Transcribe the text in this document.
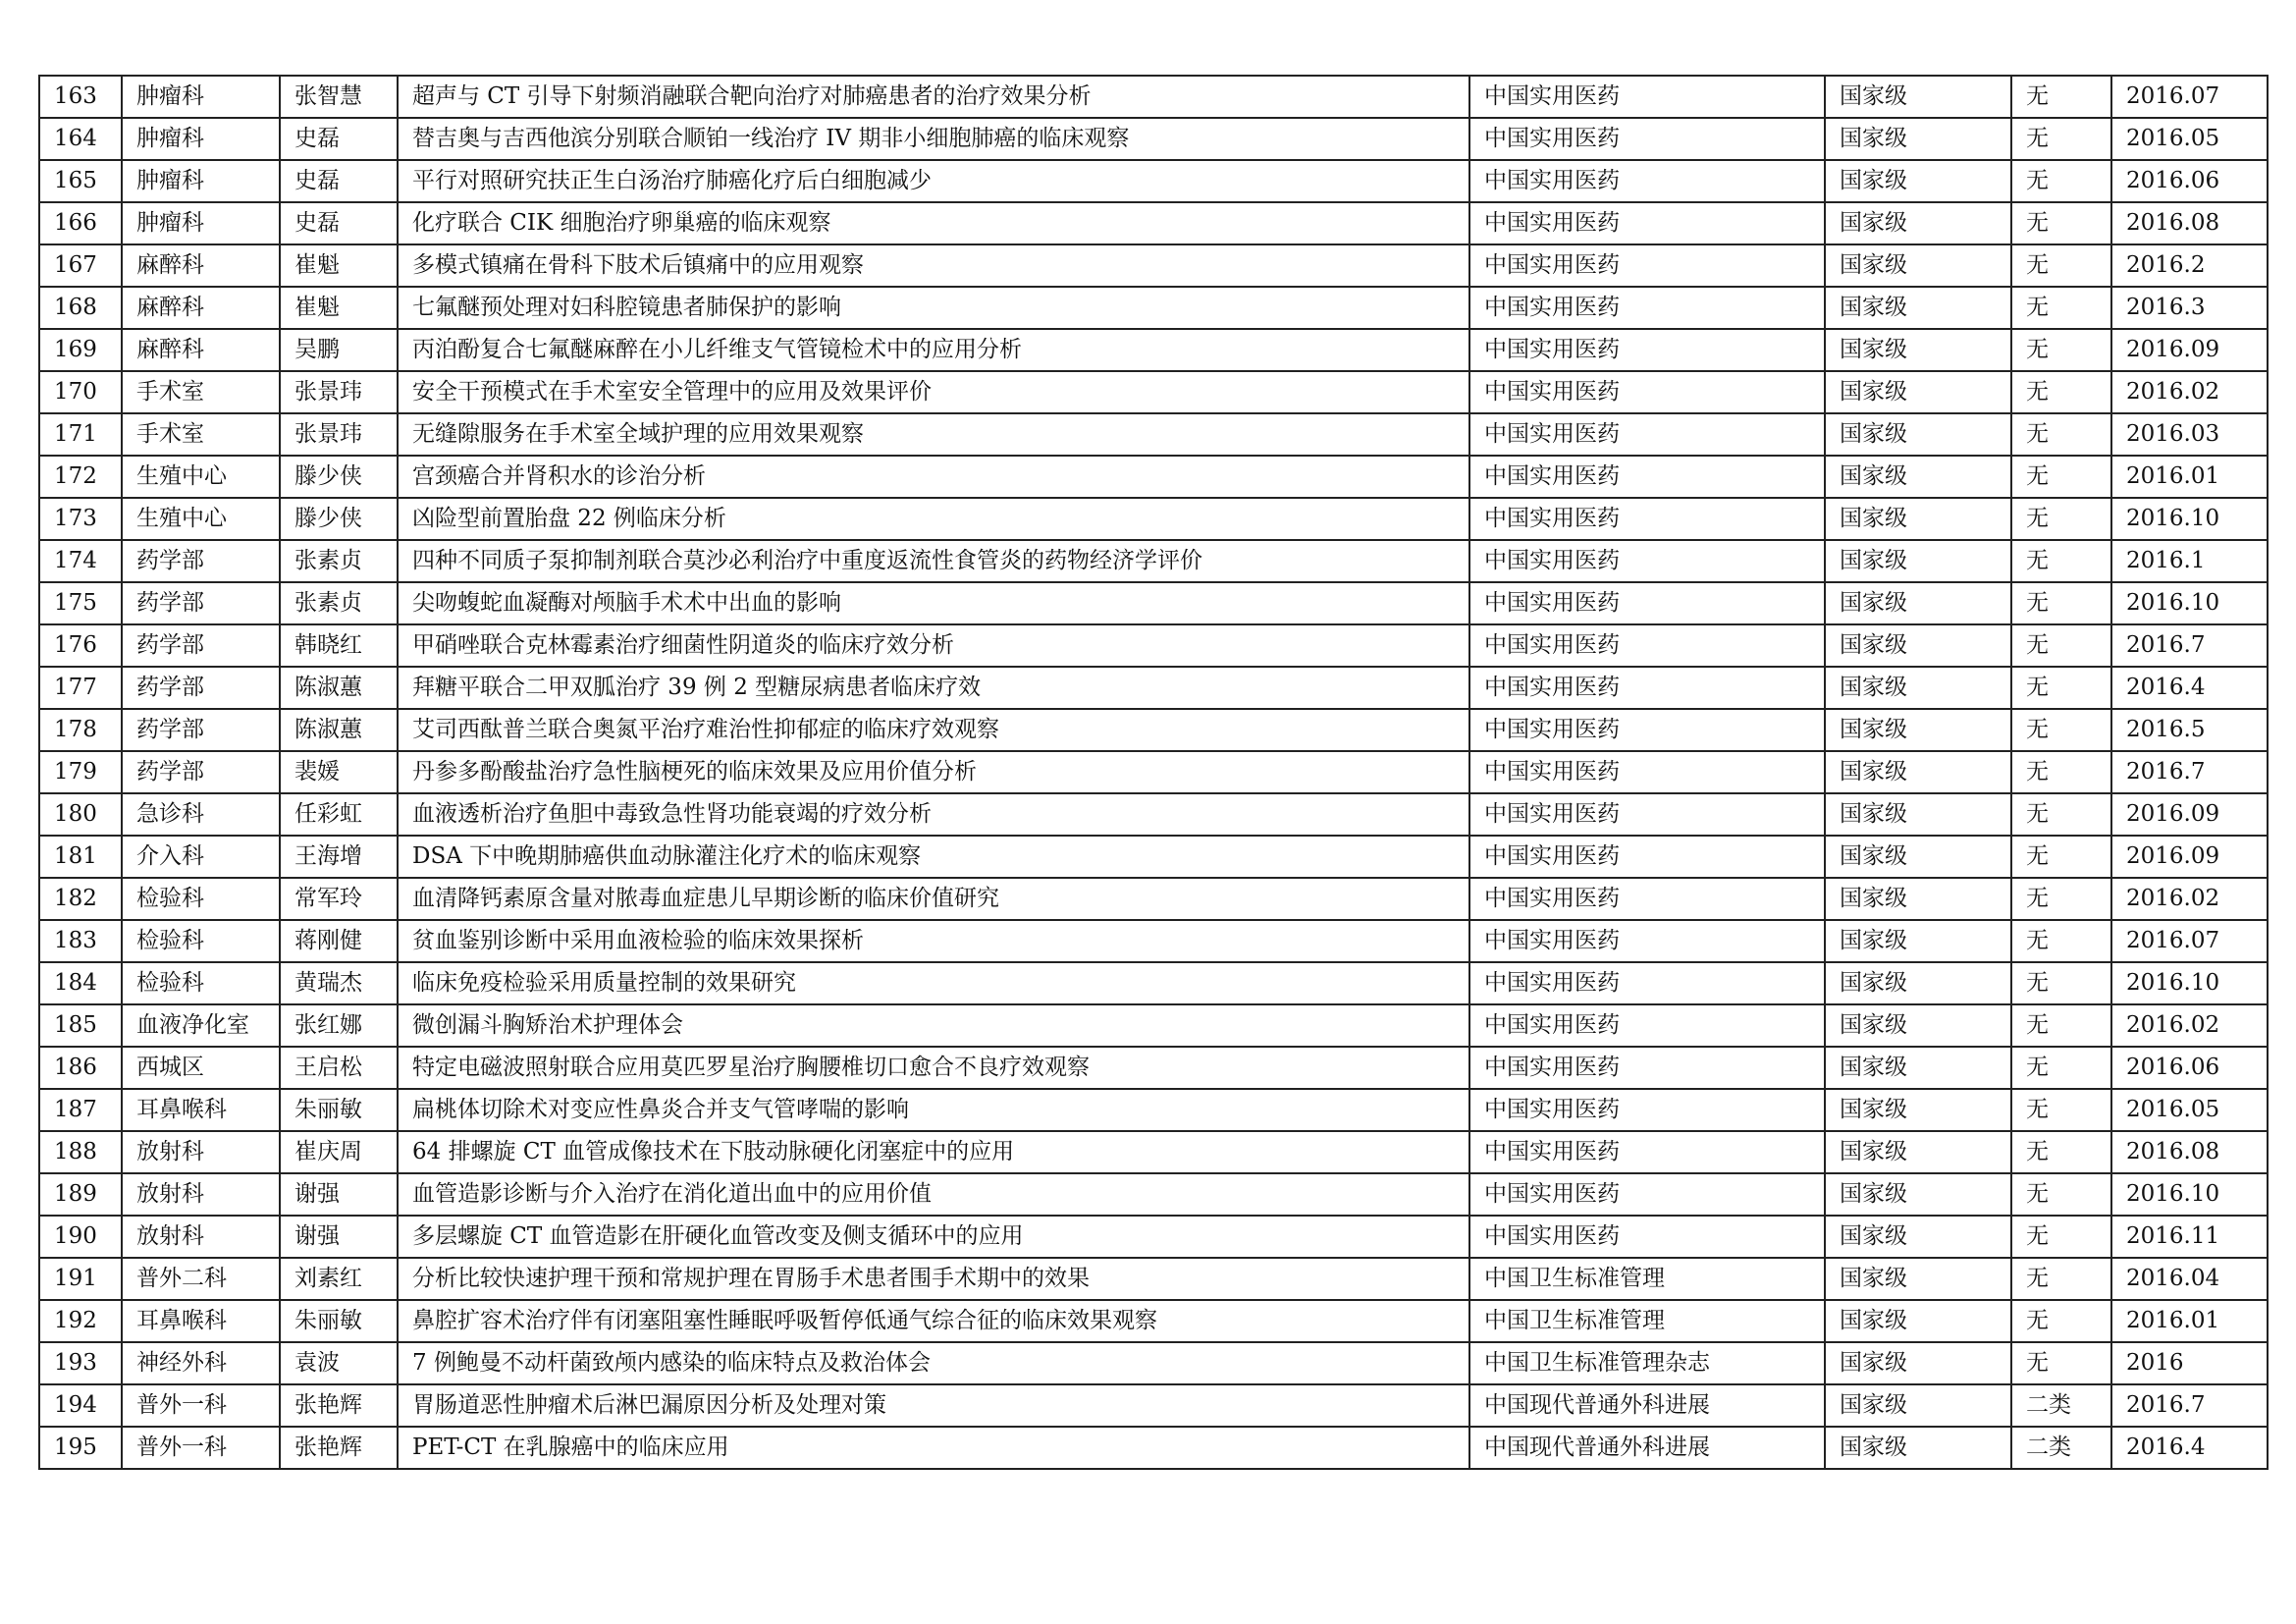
163	肿瘤科	张智慧	超声与 CT 引导下射频消融联合靶向治疗对肺癌患者的治疗效果分析	中国实用医药	国家级	无	2016.07
164	肿瘤科	史磊	替吉奥与吉西他滨分别联合顺铂一线治疗 IV 期非小细胞肺癌的临床观察	中国实用医药	国家级	无	2016.05
165	肿瘤科	史磊	平行对照研究扶正生白汤治疗肺癌化疗后白细胞减少	中国实用医药	国家级	无	2016.06
166	肿瘤科	史磊	化疗联合 CIK 细胞治疗卵巢癌的临床观察	中国实用医药	国家级	无	2016.08
167	麻醉科	崔魁	多模式镇痛在骨科下肢术后镇痛中的应用观察	中国实用医药	国家级	无	2016.2
168	麻醉科	崔魁	七氟醚预处理对妇科腔镜患者肺保护的影响	中国实用医药	国家级	无	2016.3
169	麻醉科	吴鹏	丙泊酚复合七氟醚麻醉在小儿纤维支气管镜检术中的应用分析	中国实用医药	国家级	无	2016.09
170	手术室	张景玮	安全干预模式在手术室安全管理中的应用及效果评价	中国实用医药	国家级	无	2016.02
171	手术室	张景玮	无缝隙服务在手术室全域护理的应用效果观察	中国实用医药	国家级	无	2016.03
172	生殖中心	滕少侠	宫颈癌合并肾积水的诊治分析	中国实用医药	国家级	无	2016.01
173	生殖中心	滕少侠	凶险型前置胎盘 22 例临床分析	中国实用医药	国家级	无	2016.10
174	药学部	张素贞	四种不同质子泵抑制剂联合莫沙必利治疗中重度返流性食管炎的药物经济学评价	中国实用医药	国家级	无	2016.1
175	药学部	张素贞	尖吻蝮蛇血凝酶对颅脑手术术中出血的影响	中国实用医药	国家级	无	2016.10
176	药学部	韩晓红	甲硝唑联合克林霉素治疗细菌性阴道炎的临床疗效分析	中国实用医药	国家级	无	2016.7
177	药学部	陈淑蕙	拜糖平联合二甲双胍治疗 39 例 2 型糖尿病患者临床疗效	中国实用医药	国家级	无	2016.4
178	药学部	陈淑蕙	艾司西酞普兰联合奥氮平治疗难治性抑郁症的临床疗效观察	中国实用医药	国家级	无	2016.5
179	药学部	裴媛	丹参多酚酸盐治疗急性脑梗死的临床效果及应用价值分析	中国实用医药	国家级	无	2016.7
180	急诊科	任彩虹	血液透析治疗鱼胆中毒致急性肾功能衰竭的疗效分析	中国实用医药	国家级	无	2016.09
181	介入科	王海增	DSA 下中晚期肺癌供血动脉灌注化疗术的临床观察	中国实用医药	国家级	无	2016.09
182	检验科	常军玲	血清降钙素原含量对脓毒血症患儿早期诊断的临床价值研究	中国实用医药	国家级	无	2016.02
183	检验科	蒋刚健	贫血鉴别诊断中采用血液检验的临床效果探析	中国实用医药	国家级	无	2016.07
184	检验科	黄瑞杰	临床免疫检验采用质量控制的效果研究	中国实用医药	国家级	无	2016.10
185	血液净化室	张红娜	微创漏斗胸矫治术护理体会	中国实用医药	国家级	无	2016.02
186	西城区	王启松	特定电磁波照射联合应用莫匹罗星治疗胸腰椎切口愈合不良疗效观察	中国实用医药	国家级	无	2016.06
187	耳鼻喉科	朱丽敏	扁桃体切除术对变应性鼻炎合并支气管哮喘的影响	中国实用医药	国家级	无	2016.05
188	放射科	崔庆周	64 排螺旋 CT 血管成像技术在下肢动脉硬化闭塞症中的应用	中国实用医药	国家级	无	2016.08
189	放射科	谢强	血管造影诊断与介入治疗在消化道出血中的应用价值	中国实用医药	国家级	无	2016.10
190	放射科	谢强	多层螺旋 CT 血管造影在肝硬化血管改变及侧支循环中的应用	中国实用医药	国家级	无	2016.11
191	普外二科	刘素红	分析比较快速护理干预和常规护理在胃肠手术患者围手术期中的效果	中国卫生标准管理	国家级	无	2016.04
192	耳鼻喉科	朱丽敏	鼻腔扩容术治疗伴有闭塞阻塞性睡眠呼吸暂停低通气综合征的临床效果观察	中国卫生标准管理	国家级	无	2016.01
193	神经外科	袁波	7 例鲍曼不动杆菌致颅内感染的临床特点及救治体会	中国卫生标准管理杂志	国家级	无	2016
194	普外一科	张艳辉	胃肠道恶性肿瘤术后淋巴漏原因分析及处理对策	中国现代普通外科进展	国家级	二类	2016.7
195	普外一科	张艳辉	PET-CT 在乳腺癌中的临床应用	中国现代普通外科进展	国家级	二类	2016.4
